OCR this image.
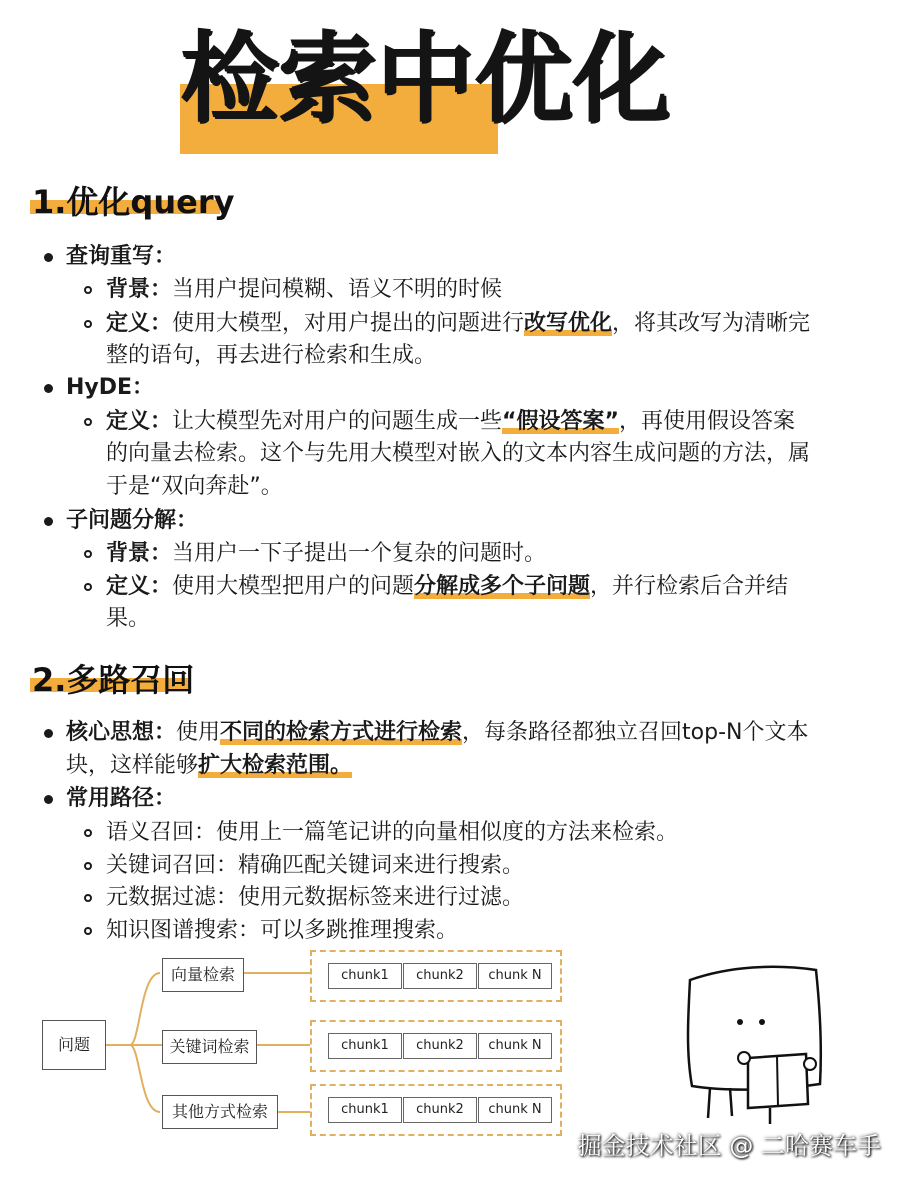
检索中优化
1.优化query
查询重写：
背景：当用户提问模糊、语义不明的时候
定义：使用大模型，对用户提出的问题进行改写优化，将其改写为清晰完
整的语句，再去进行检索和生成。
HyDE：
定义：让大模型先对用户的问题生成一些“假设答案”，再使用假设答案
的向量去检索。这个与先用大模型对嵌入的文本内容生成问题的方法，属
于是“双向奔赴”。
子问题分解：
背景：当用户一下子提出一个复杂的问题时。
定义：使用大模型把用户的问题分解成多个子问题，并行检索后合并结
果。
2.多路召回
核心思想：使用不同的检索方式进行检索，每条路径都独立召回top-N个文本
块，这样能够扩大检索范围。
常用路径：
语义召回：使用上一篇笔记讲的向量相似度的方法来检索。
关键词召回：精确匹配关键词来进行搜索。
元数据过滤：使用元数据标签来进行过滤。
知识图谱搜索：可以多跳推理搜索。
问题
向量检索
关键词检索
其他方式检索
chunk1	chunk2	chunk N
chunk1	chunk2	chunk N
chunk1	chunk2	chunk N
掘金技术社区 @ 二哈赛车手
